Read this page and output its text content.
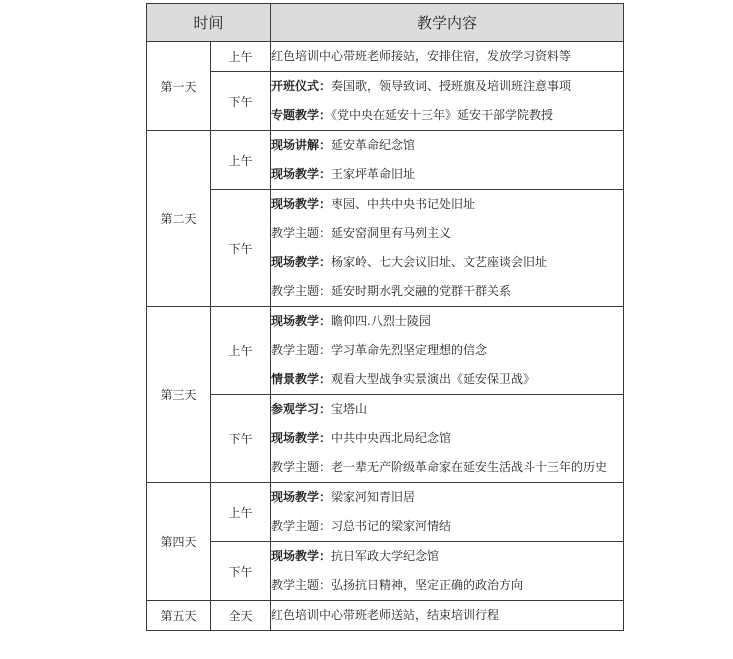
时间		教学内容
第一天	上午	红色培训中心带班老师接站，安排住宿，发放学习资料等

	下午	开班仪式：奏国歌，领导致词、授班旗及培训班注意事项
专题教学：《党中央在延安十三年》延安干部学院教授

第二天	上午	现场讲解：延安革命纪念馆
现场教学：王家坪革命旧址

	下午	现场教学：枣园、中共中央书记处旧址
教学主题：延安窑洞里有马列主义
现场教学：杨家岭、七大会议旧址、文艺座谈会旧址
教学主题：延安时期水乳交融的党群干群关系

第三天	上午	现场教学：瞻仰四.八烈士陵园
教学主题：学习革命先烈坚定理想的信念
情景教学：观看大型战争实景演出《延安保卫战》

	下午	参观学习：宝塔山
现场教学：中共中央西北局纪念馆
教学主题：老一辈无产阶级革命家在延安生活战斗十三年的历史

第四天	上午	现场教学：梁家河知青旧居
教学主题：习总书记的梁家河情结

	下午	现场教学：抗日军政大学纪念馆
教学主题：弘扬抗日精神，坚定正确的政治方向

第五天	全天	红色培训中心带班老师送站，结束培训行程
